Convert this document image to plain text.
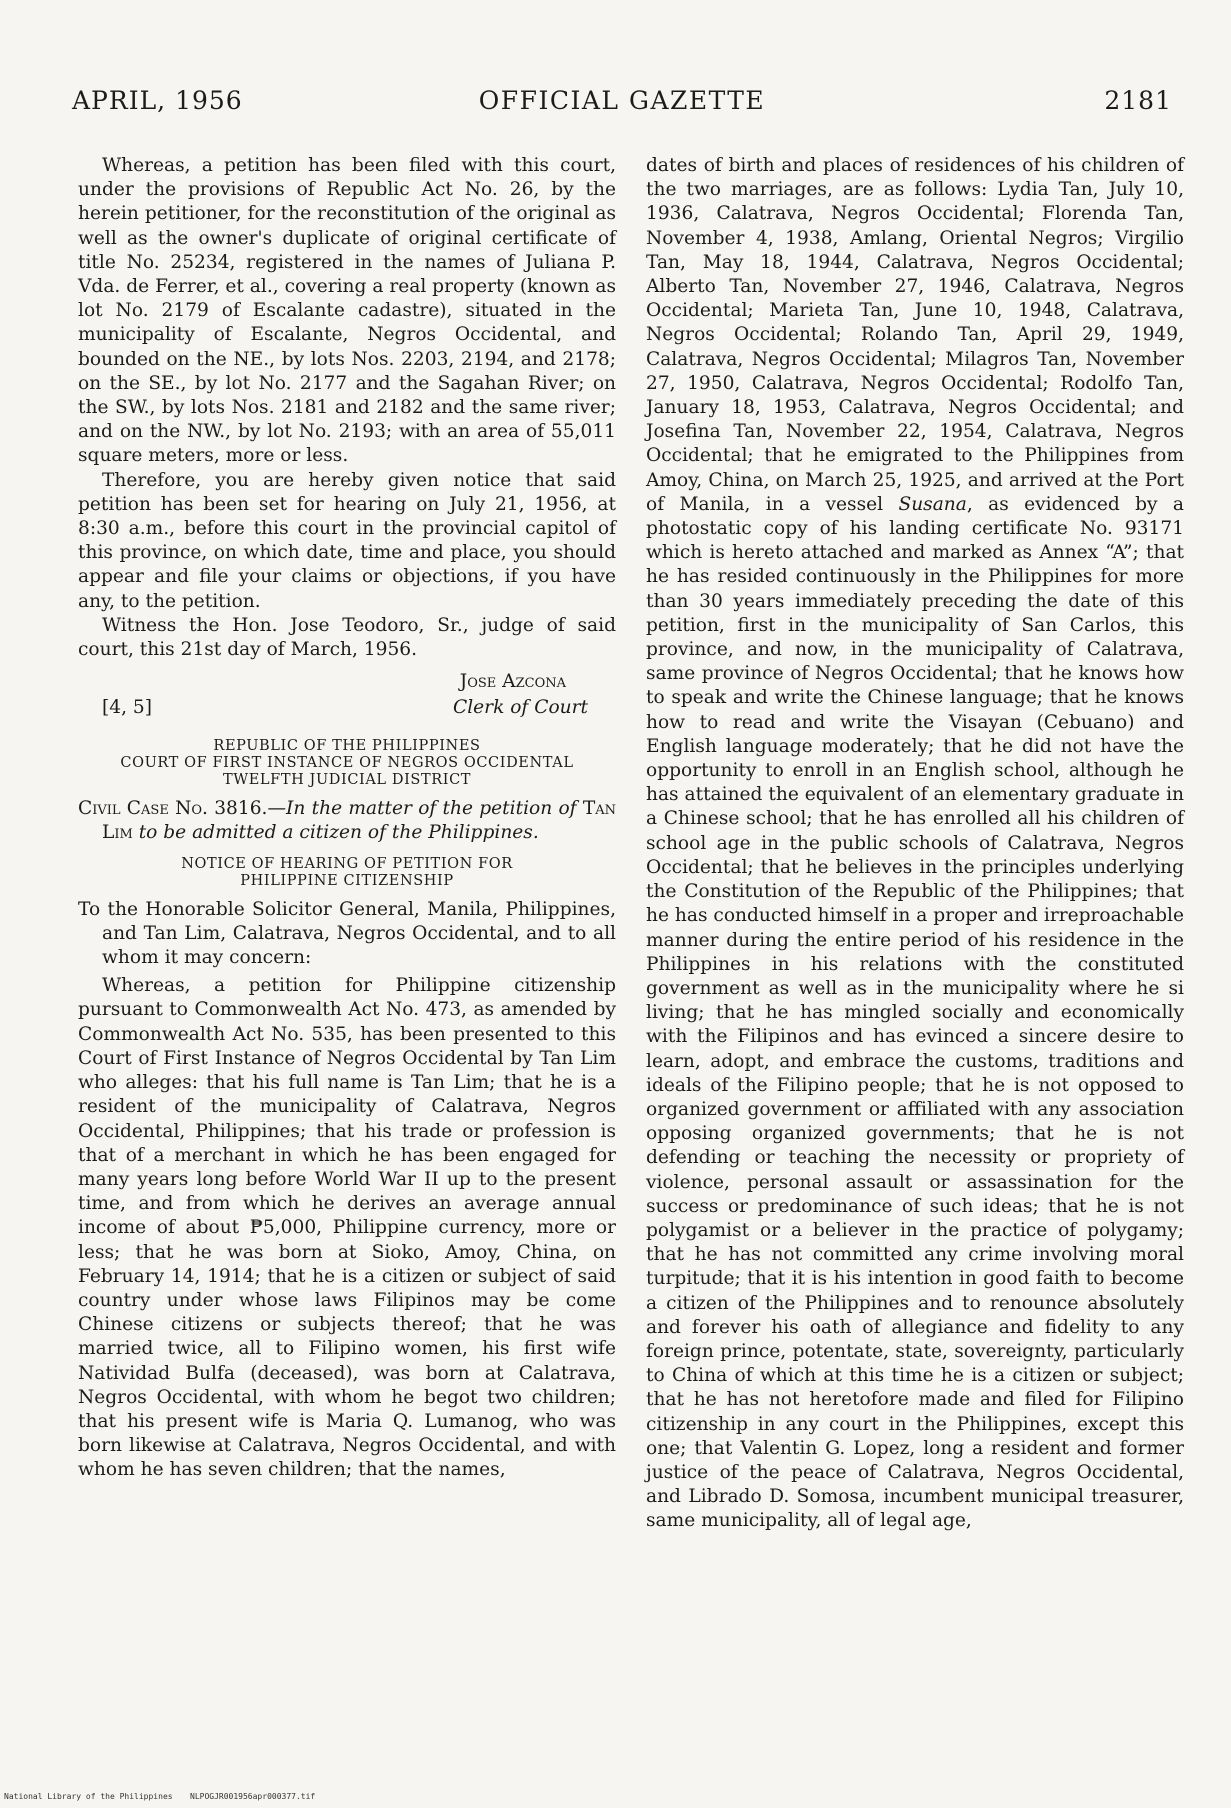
APRIL, 1956	OFFICIAL GAZETTE	2181

Whereas, a petition has been filed with this court, under the provisions of Republic Act No. 26, by the herein petitioner, for the reconstitution of the original as well as the owner's duplicate of original certificate of title No. 25234, registered in the names of Juliana P. Vda. de Ferrer, et al., covering a real property (known as lot No. 2179 of Escalante cadastre), situated in the municipality of Escalante, Negros Occidental, and bounded on the NE., by lots Nos. 2203, 2194, and 2178; on the SE., by lot No. 2177 and the Sagahan River; on the SW., by lots Nos. 2181 and 2182 and the same river; and on the NW., by lot No. 2193; with an area of 55,011 square meters, more or less.

Therefore, you are hereby given notice that said petition has been set for hearing on July 21, 1956, at 8:30 a.m., before this court in the provincial capitol of this province, on which date, time and place, you should appear and file your claims or objections, if you have any, to the petition.

Witness the Hon. Jose Teodoro, Sr., judge of said court, this 21st day of March, 1956.

Jose Azcona
[4, 5]	Clerk of Court
REPUBLIC OF THE PHILIPPINES
COURT OF FIRST INSTANCE OF NEGROS OCCIDENTAL
TWELFTH JUDICIAL DISTRICT
Civil Case No. 3816.—In the matter of the petition of Tan Lim to be admitted a citizen of the Philippines.
NOTICE OF HEARING OF PETITION FOR
PHILIPPINE CITIZENSHIP
To the Honorable Solicitor General, Manila, Philippines, and Tan Lim, Calatrava, Negros Occidental, and to all whom it may concern:

Whereas, a petition for Philippine citizenship pursuant to Commonwealth Act No. 473, as amended by Commonwealth Act No. 535, has been presented to this Court of First Instance of Negros Occidental by Tan Lim who alleges: that his full name is Tan Lim; that he is a resident of the municipality of Calatrava, Negros Occidental, Philippines; that his trade or profession is that of a merchant in which he has been engaged for many years long before World War II up to the present time, and from which he derives an average annual income of about ₱5,000, Philippine currency, more or less; that he was born at Sioko, Amoy, China, on February 14, 1914; that he is a citizen or subject of said country under whose laws Filipinos may be come Chinese citizens or subjects thereof; that he was married twice, all to Filipino women, his first wife Natividad Bulfa (deceased), was born at Calatrava, Negros Occidental, with whom he begot two children; that his present wife is Maria Q. Lumanog, who was born likewise at Calatrava, Negros Occidental, and with whom he has seven children; that the names,

dates of birth and places of residences of his children of the two marriages, are as follows: Lydia Tan, July 10, 1936, Calatrava, Negros Occidental; Florenda Tan, November 4, 1938, Amlang, Oriental Negros; Virgilio Tan, May 18, 1944, Calatrava, Negros Occidental; Alberto Tan, November 27, 1946, Calatrava, Negros Occidental; Marieta Tan, June 10, 1948, Calatrava, Negros Occidental; Rolando Tan, April 29, 1949, Calatrava, Negros Occidental; Milagros Tan, November 27, 1950, Calatrava, Negros Occidental; Rodolfo Tan, January 18, 1953, Calatrava, Negros Occidental; and Josefina Tan, November 22, 1954, Calatrava, Negros Occidental; that he emigrated to the Philippines from Amoy, China, on March 25, 1925, and arrived at the Port of Manila, in a vessel Susana, as evidenced by a photostatic copy of his landing certificate No. 93171 which is hereto attached and marked as Annex “A”; that he has resided continuously in the Philippines for more than 30 years immediately preceding the date of this petition, first in the municipality of San Carlos, this province, and now, in the municipality of Calatrava, same province of Negros Occidental; that he knows how to speak and write the Chinese language; that he knows how to read and write the Visayan (Cebuano) and English language moderately; that he did not have the opportunity to enroll in an English school, although he has attained the equivalent of an elementary graduate in a Chinese school; that he has enrolled all his children of school age in the public schools of Calatrava, Negros Occidental; that he believes in the principles underlying the Constitution of the Republic of the Philippines; that he has conducted himself in a proper and irreproachable manner during the entire period of his residence in the Philippines in his relations with the constituted government as well as in the municipality where he si living; that he has mingled socially and economically with the Filipinos and has evinced a sincere desire to learn, adopt, and embrace the customs, traditions and ideals of the Filipino people; that he is not opposed to organized government or affiliated with any association opposing organized governments; that he is not defending or teaching the necessity or propriety of violence, personal assault or assassination for the success or predominance of such ideas; that he is not polygamist or a believer in the practice of polygamy; that he has not committed any crime involving moral turpitude; that it is his intention in good faith to become a citizen of the Philippines and to renounce absolutely and forever his oath of allegiance and fidelity to any foreign prince, potentate, state, sovereignty, particularly to China of which at this time he is a citizen or subject; that he has not heretofore made and filed for Filipino citizenship in any court in the Philippines, except this one; that Valentin G. Lopez, long a resident and former justice of the peace of Calatrava, Negros Occidental, and Librado D. Somosa, incumbent municipal treasurer, same municipality, all of legal age,

National Library of the Philippines NLPOGJR001956apr000377.tif
